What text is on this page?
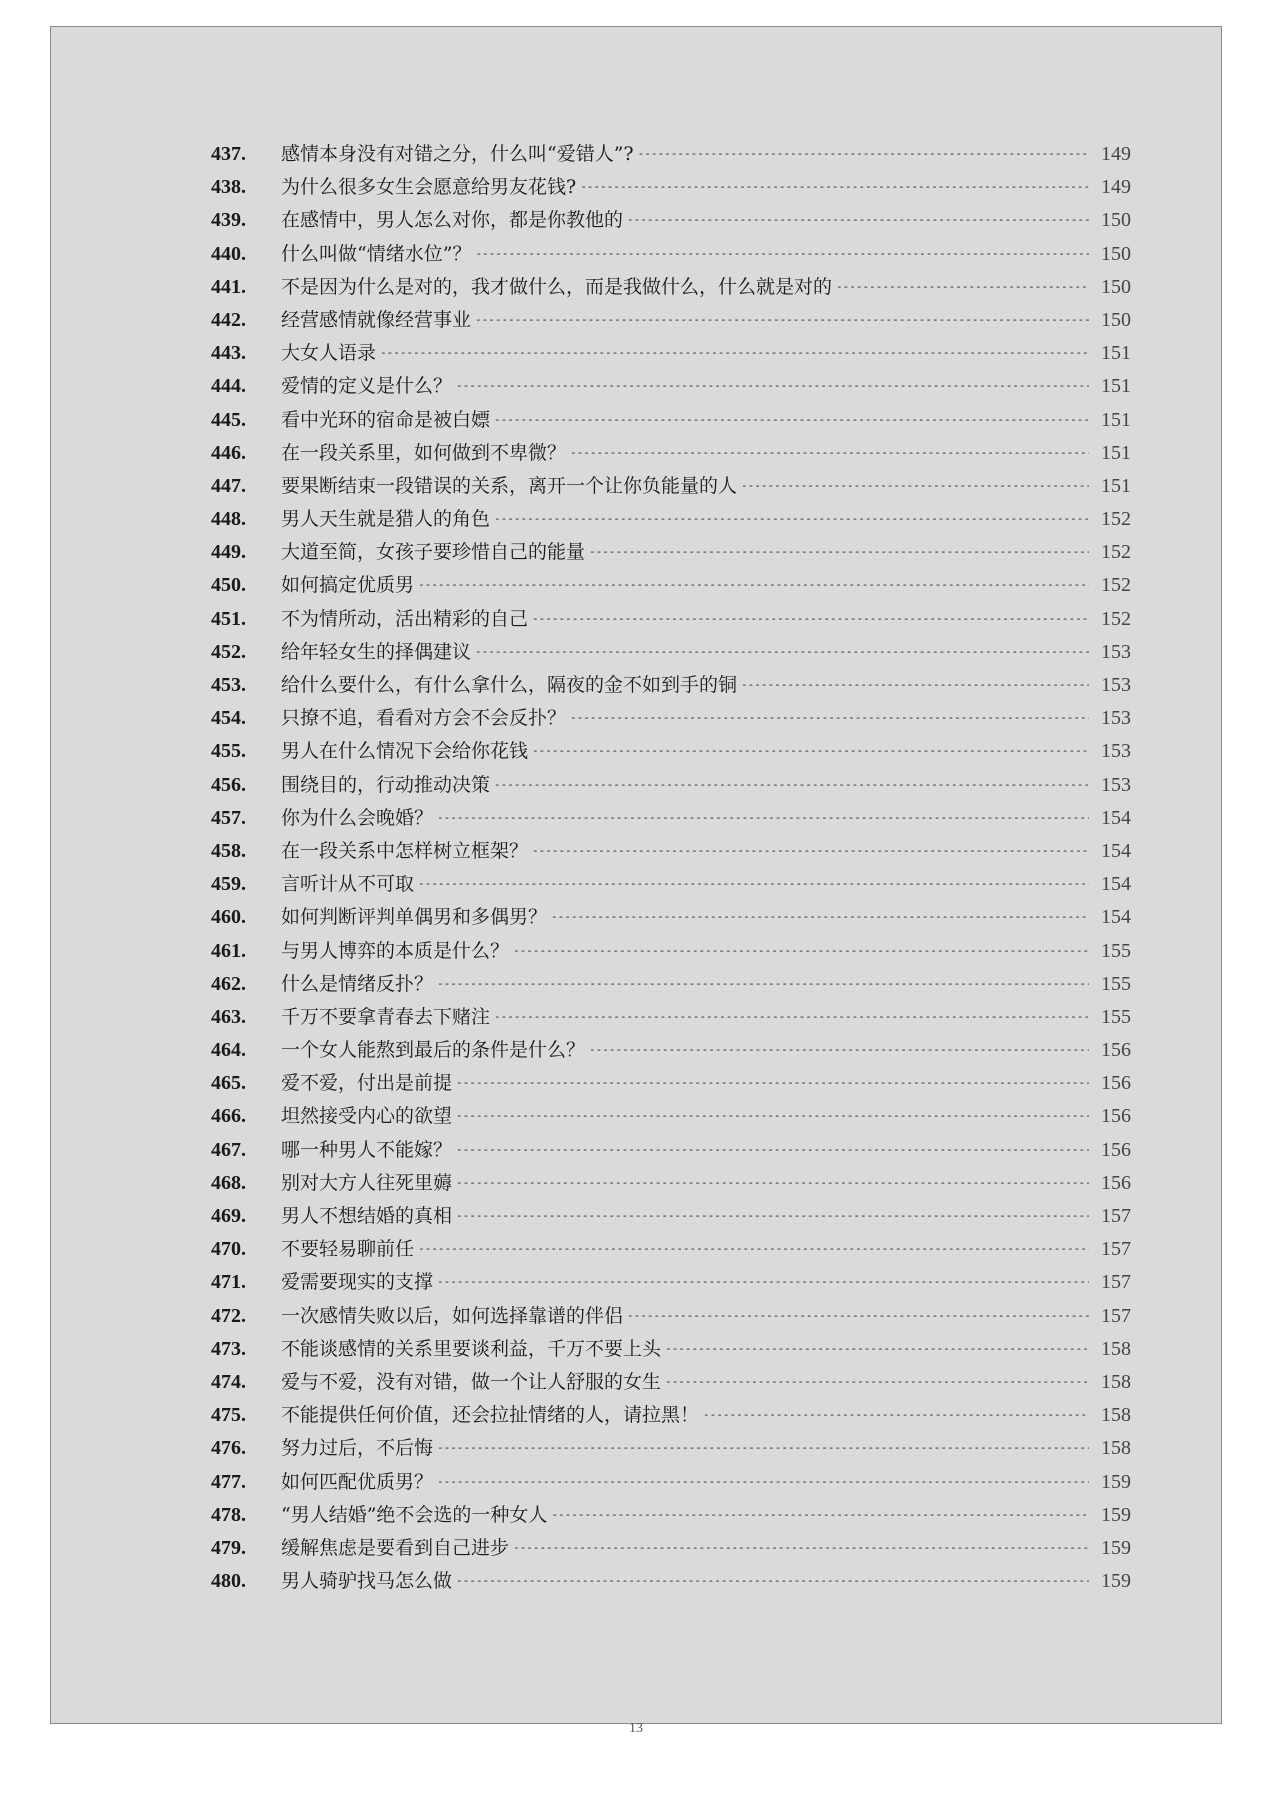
437.	感情本身没有对错之分，什么叫“爱错人”? -----	149
438.	为什么很多女生会愿意给男友花钱? -----	149
439.	在感情中，男人怎么对你，都是你教他的 -----	150
440.	什么叫做“情绪水位”？ -----	150
441.	不是因为什么是对的，我才做什么，而是我做什么，什么就是对的 -----	150
442.	经营感情就像经营事业 -----	150
443.	大女人语录 -----	151
444.	爱情的定义是什么？ -----	151
445.	看中光环的宿命是被白嫖 -----	151
446.	在一段关系里，如何做到不卑微？ -----	151
447.	要果断结束一段错误的关系，离开一个让你负能量的人 -----	151
448.	男人天生就是猎人的角色 -----	152
449.	大道至简，女孩子要珍惜自己的能量 -----	152
450.	如何搞定优质男 -----	152
451.	不为情所动，活出精彩的自己 -----	152
452.	给年轻女生的择偶建议 -----	153
453.	给什么要什么，有什么拿什么，隔夜的金不如到手的铜 -----	153
454.	只撩不追，看看对方会不会反扑？ -----	153
455.	男人在什么情况下会给你花钱 -----	153
456.	围绕目的，行动推动决策 -----	153
457.	你为什么会晚婚？ -----	154
458.	在一段关系中怎样树立框架？ -----	154
459.	言听计从不可取 -----	154
460.	如何判断评判单偶男和多偶男？ -----	154
461.	与男人博弈的本质是什么？ -----	155
462.	什么是情绪反扑？ -----	155
463.	千万不要拿青春去下赌注 -----	155
464.	一个女人能熬到最后的条件是什么？ -----	156
465.	爱不爱，付出是前提 -----	156
466.	坦然接受内心的欲望 -----	156
467.	哪一种男人不能嫁？ -----	156
468.	别对大方人往死里薅 -----	156
469.	男人不想结婚的真相 -----	157
470.	不要轻易聊前任 -----	157
471.	爱需要现实的支撑 -----	157
472.	一次感情失败以后，如何选择靠谱的伴侣 -----	157
473.	不能谈感情的关系里要谈利益，千万不要上头 -----	158
474.	爱与不爱，没有对错，做一个让人舒服的女生 -----	158
475.	不能提供任何价值，还会拉扯情绪的人，请拉黑！ -----	158
476.	努力过后，不后悔 -----	158
477.	如何匹配优质男？ -----	159
478.	“男人结婚”绝不会选的一种女人 -----	159
479.	缓解焦虑是要看到自己进步 -----	159
480.	男人骑驴找马怎么做 -----	159
13
